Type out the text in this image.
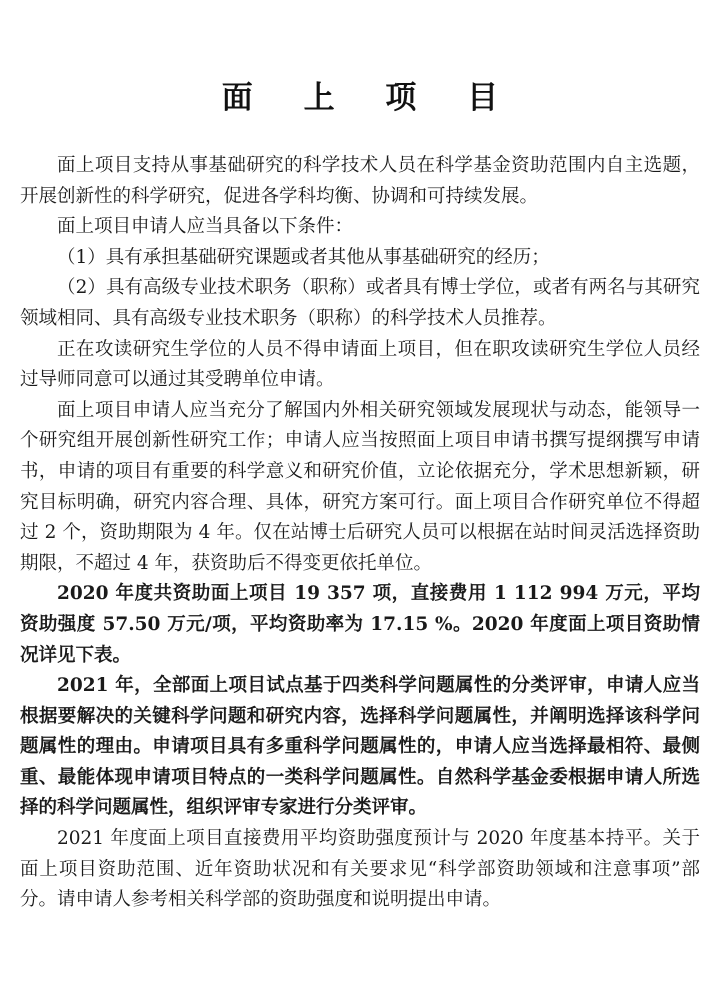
面 上 项 目

面上项目支持从事基础研究的科学技术人员在科学基金资助范围内自主选题，开展创新性的科学研究，促进各学科均衡、协调和可持续发展。

面上项目申请人应当具备以下条件：

（1）具有承担基础研究课题或者其他从事基础研究的经历；

（2）具有高级专业技术职务（职称）或者具有博士学位，或者有两名与其研究领域相同、具有高级专业技术职务（职称）的科学技术人员推荐。

正在攻读研究生学位的人员不得申请面上项目，但在职攻读研究生学位人员经过导师同意可以通过其受聘单位申请。

面上项目申请人应当充分了解国内外相关研究领域发展现状与动态，能领导一个研究组开展创新性研究工作；申请人应当按照面上项目申请书撰写提纲撰写申请书，申请的项目有重要的科学意义和研究价值，立论依据充分，学术思想新颖，研究目标明确，研究内容合理、具体，研究方案可行。面上项目合作研究单位不得超过 2 个，资助期限为 4 年。仅在站博士后研究人员可以根据在站时间灵活选择资助期限，不超过 4 年，获资助后不得变更依托单位。

2020 年度共资助面上项目 19 357 项，直接费用 1 112 994 万元，平均资助强度 57.50 万元/项，平均资助率为 17.15 %。2020 年度面上项目资助情况详见下表。

2021 年，全部面上项目试点基于四类科学问题属性的分类评审，申请人应当根据要解决的关键科学问题和研究内容，选择科学问题属性，并阐明选择该科学问题属性的理由。申请项目具有多重科学问题属性的，申请人应当选择最相符、最侧重、最能体现申请项目特点的一类科学问题属性。自然科学基金委根据申请人所选择的科学问题属性，组织评审专家进行分类评审。

2021 年度面上项目直接费用平均资助强度预计与 2020 年度基本持平。关于面上项目资助范围、近年资助状况和有关要求见“科学部资助领域和注意事项”部分。请申请人参考相关科学部的资助强度和说明提出申请。
